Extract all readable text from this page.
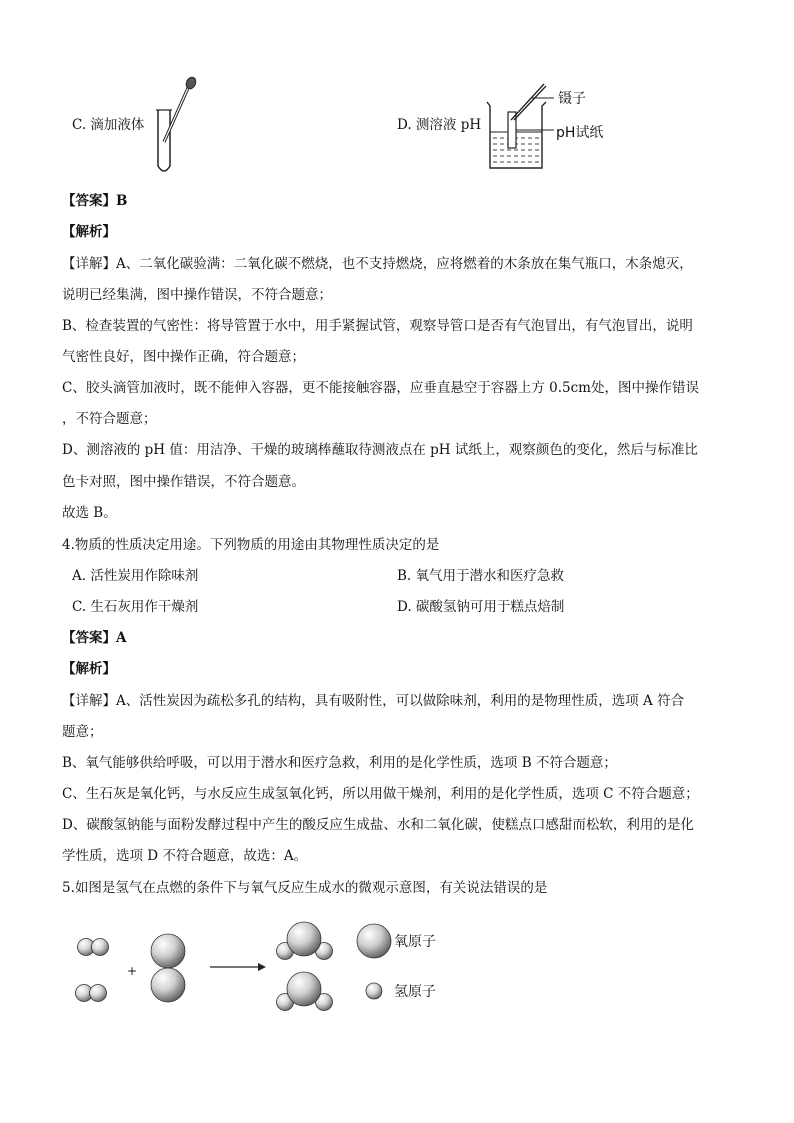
C. 滴加液体	D. 测溶液 pH
镊子
pH试纸
【答案】B
【解析】
【详解】A、二氧化碳验满：二氧化碳不燃烧，也不支持燃烧，应将燃着的木条放在集气瓶口，木条熄灭，
说明已经集满，图中操作错误，不符合题意；
B、检查装置的气密性：将导管置于水中，用手紧握试管，观察导管口是否有气泡冒出，有气泡冒出，说明
气密性良好，图中操作正确，符合题意；
C、胶头滴管加液时，既不能伸入容器，更不能接触容器，应垂直悬空于容器上方 0.5cm处，图中操作错误
，不符合题意；
D、测溶液的 pH 值：用洁净、干燥的玻璃棒蘸取待测液点在 pH 试纸上，观察颜色的变化，然后与标准比
色卡对照，图中操作错误，不符合题意。
故选 B。
4.物质的性质决定用途。下列物质的用途由其物理性质决定的是
A. 活性炭用作除味剂	B. 氧气用于潜水和医疗急救
C. 生石灰用作干燥剂	D. 碳酸氢钠可用于糕点焙制
【答案】A
【解析】
【详解】A、活性炭因为疏松多孔的结构，具有吸附性，可以做除味剂，利用的是物理性质，选项 A 符合
题意；
B、氧气能够供给呼吸，可以用于潜水和医疗急救，利用的是化学性质，选项 B 不符合题意；
C、生石灰是氧化钙，与水反应生成氢氧化钙，所以用做干燥剂，利用的是化学性质，选项 C 不符合题意；
D、碳酸氢钠能与面粉发酵过程中产生的酸反应生成盐、水和二氧化碳，使糕点口感甜而松软，利用的是化
学性质，选项 D 不符合题意，故选：A。
5.如图是氢气在点燃的条件下与氧气反应生成水的微观示意图，有关说法错误的是
+
氧原子
氢原子
